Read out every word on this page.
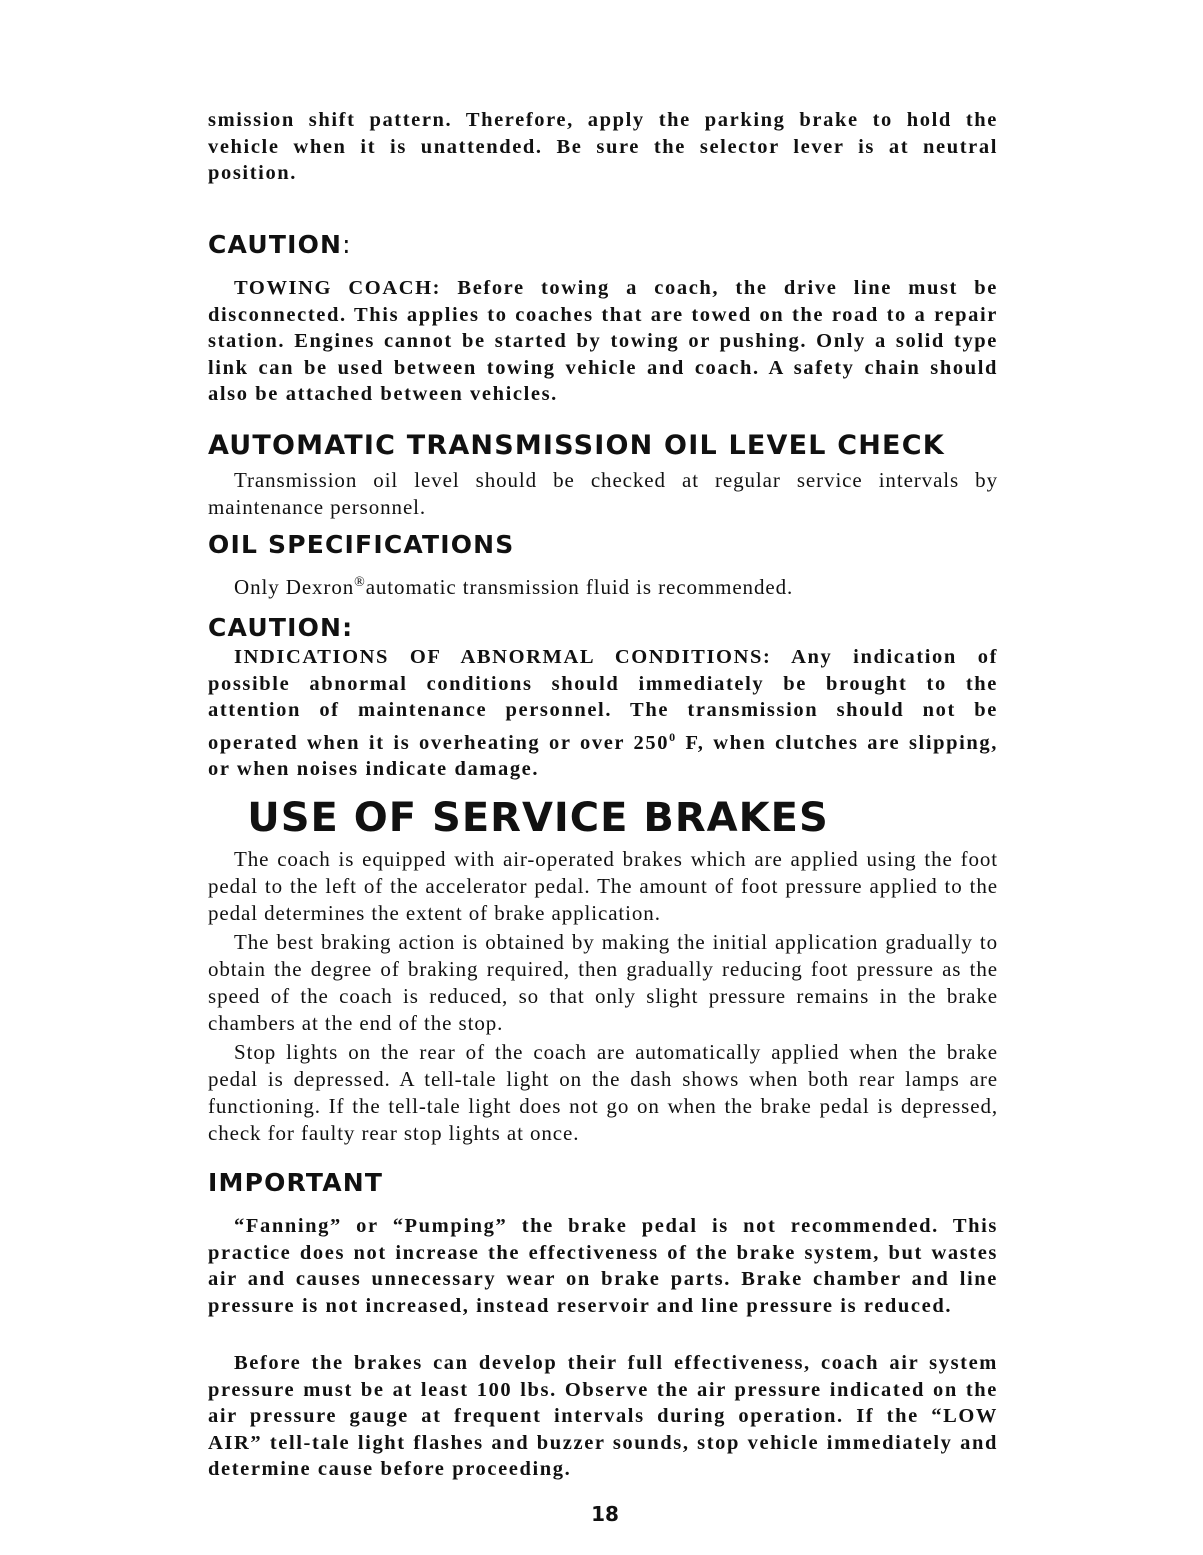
smission shift pattern. Therefore, apply the parking brake to hold the vehicle when it is unattended. Be sure the selector lever is at neutral position.

CAUTION:

TOWING COACH: Before towing a coach, the drive line must be disconnected. This applies to coaches that are towed on the road to a repair station. Engines cannot be started by towing or pushing. Only a solid type link can be used between towing vehicle and coach. A safety chain should also be attached between vehicles.

AUTOMATIC TRANSMISSION OIL LEVEL CHECK

Transmission oil level should be checked at regular service intervals by maintenance personnel.

OIL SPECIFICATIONS

Only Dexron®automatic transmission fluid is recommended.

CAUTION:

INDICATIONS OF ABNORMAL CONDITIONS: Any indication of possible abnormal conditions should immediately be brought to the attention of maintenance personnel. The transmission should not be operated when it is overheating or over $250^0$ F, when clutches are slipping, or when noises indicate damage.

USE OF SERVICE BRAKES

The coach is equipped with air-operated brakes which are applied using the foot pedal to the left of the accelerator pedal. The amount of foot pressure applied to the pedal determines the extent of brake application.

The best braking action is obtained by making the initial application gradually to obtain the degree of braking required, then gradually reducing foot pressure as the speed of the coach is reduced, so that only slight pressure remains in the brake chambers at the end of the stop.

Stop lights on the rear of the coach are automatically applied when the brake pedal is depressed. A tell-tale light on the dash shows when both rear lamps are functioning. If the tell-tale light does not go on when the brake pedal is depressed, check for faulty rear stop lights at once.

IMPORTANT

“Fanning” or “Pumping” the brake pedal is not recommended. This practice does not increase the effectiveness of the brake system, but wastes air and causes unnecessary wear on brake parts. Brake chamber and line pressure is not increased, instead reservoir and line pressure is reduced.

Before the brakes can develop their full effectiveness, coach air system pressure must be at least 100 lbs. Observe the air pressure indicated on the air pressure gauge at frequent intervals during operation. If the “LOW AIR” tell-tale light flashes and buzzer sounds, stop vehicle immediately and determine cause before proceeding.

18
